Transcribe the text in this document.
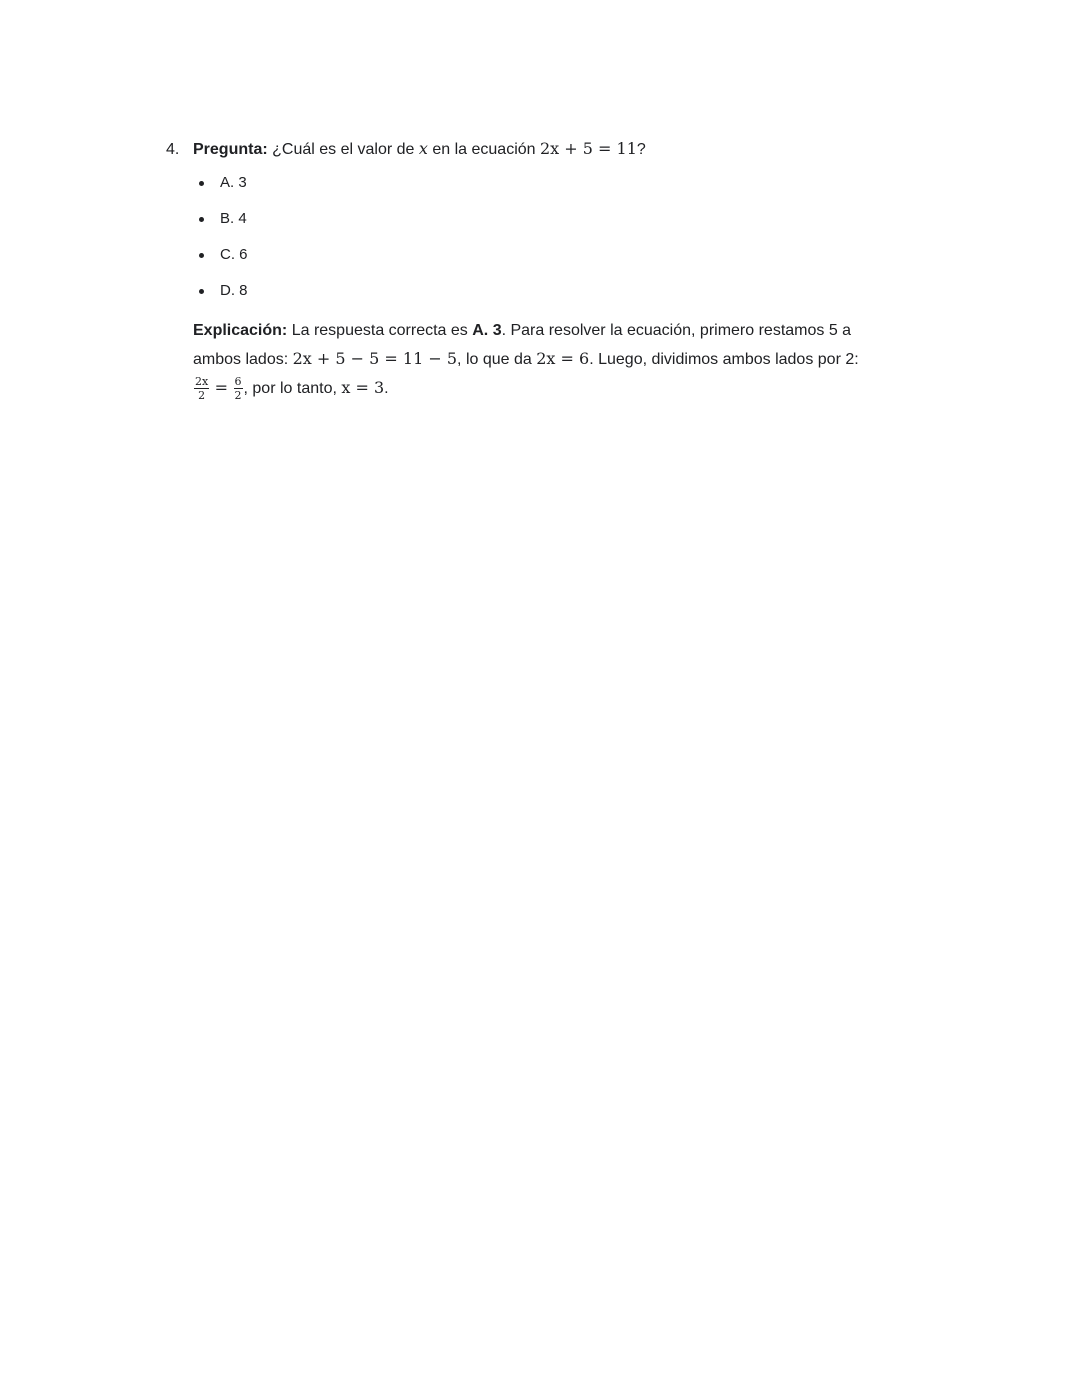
4. Pregunta: ¿Cuál es el valor de x en la ecuación 2x + 5 = 11?
A. 3
B. 4
C. 6
D. 8
Explicación: La respuesta correcta es A. 3. Para resolver la ecuación, primero restamos 5 a ambos lados: 2x + 5 − 5 = 11 − 5, lo que da 2x = 6. Luego, dividimos ambos lados por 2:
$\frac{2x}{2} = \frac{6}{2}$ , por lo tanto, x = 3.
